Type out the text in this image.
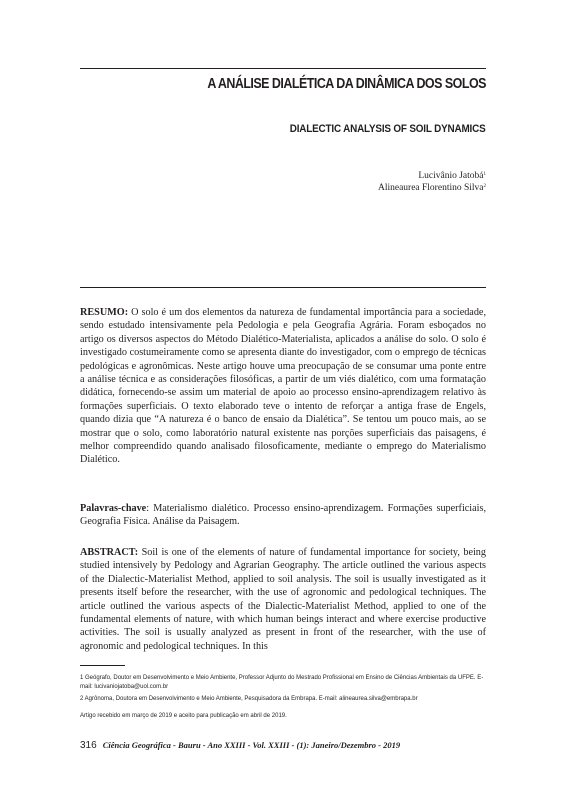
A ANÁLISE DIALÉTICA DA DINÂMICA DOS SOLOS
DIALECTIC ANALYSIS OF SOIL DYNAMICS
Lucivânio Jatobá$^1$
Alineaurea Florentino Silva$^2$
RESUMO: O solo é um dos elementos da natureza de fundamental importância para a sociedade, sendo estudado intensivamente pela Pedologia e pela Geografia Agrária. Foram esboçados no artigo os diversos aspectos do Método Dialético-Materialista, aplicados a análise do solo. O solo é investigado costumeiramente como se apresenta diante do investigador, com o emprego de técnicas pedológicas e agronômicas. Neste artigo houve uma preocupação de se consumar uma ponte entre a análise técnica e as considerações filosóficas, a partir de um viés dialético, com uma formatação didática, fornecendo-se assim um material de apoio ao processo ensino-aprendizagem relativo às formações superficiais. O texto elaborado teve o intento de reforçar a antiga frase de Engels, quando dizia que “A natureza é o banco de ensaio da Dialética”. Se tentou um pouco mais, ao se mostrar que o solo, como laboratório natural existente nas porções superficiais das paisagens, é melhor compreendido quando analisado filosoficamente, mediante o emprego do Materialismo Dialético.
Palavras-chave: Materialismo dialético. Processo ensino-aprendizagem. Formações superficiais, Geografia Física. Análise da Paisagem.
ABSTRACT: Soil is one of the elements of nature of fundamental importance for society, being studied intensively by Pedology and Agrarian Geography. The article outlined the various aspects of the Dialectic-Materialist Method, applied to soil analysis. The soil is usually investigated as it presents itself before the researcher, with the use of agronomic and pedological techniques. The article outlined the various aspects of the Dialectic-Materialist Method, applied to one of the fundamental elements of nature, with which human beings interact and where exercise productive activities. The soil is usually analyzed as present in front of the researcher, with the use of agronomic and pedological techniques. In this
1 Geógrafo, Doutor em Desenvolvimento e Meio Ambiente, Professor Adjunto do Mestrado Profissional em Ensino de Ciências Ambientais da UFPE. E-mail: lucivaniojatoba@uol.com.br
2 Agrônoma, Doutora em Desenvolvimento e Meio Ambiente, Pesquisadora da Embrapa. E-mail: alineaurea.silva@embrapa.br
Artigo recebido em março de 2019 e aceito para publicação em abril de 2019.
316 Ciência Geográfica - Bauru - Ano XXIII - Vol. XXIII - (1): Janeiro/Dezembro - 2019
